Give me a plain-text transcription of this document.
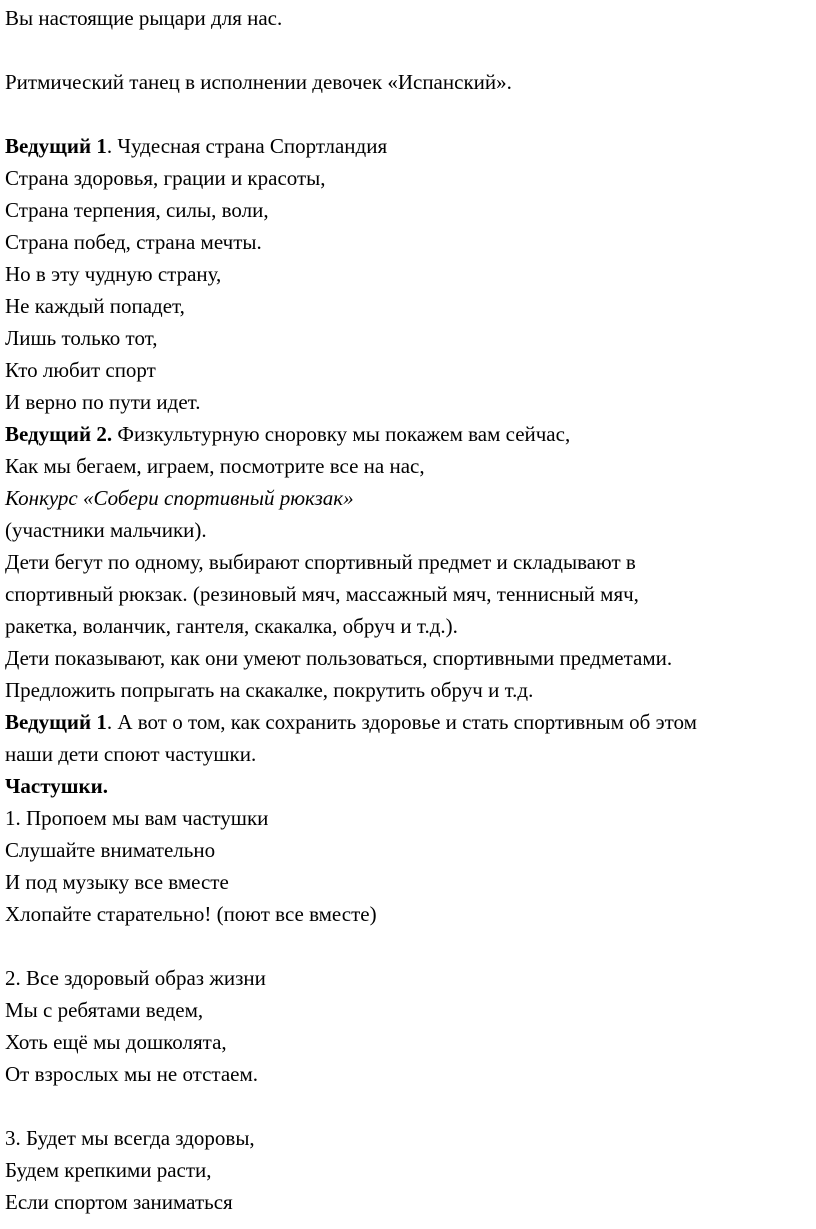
Вы настоящие рыцари для нас.

Ритмический танец в исполнении девочек «Испанский».

Ведущий 1. Чудесная страна Спортландия

Страна здоровья, грации и красоты,

Страна терпения, силы, воли,

Страна побед, страна мечты.

Но в эту чудную страну,

Не каждый попадет,

Лишь только тот,

Кто любит спорт

И верно по пути идет.

Ведущий 2. Физкультурную сноровку мы покажем вам сейчас,

Как мы бегаем, играем, посмотрите все на нас,

Конкурс «Собери спортивный рюкзак»

(участники мальчики).

Дети бегут по одному, выбирают спортивный предмет и складывают в

спортивный рюкзак. (резиновый мяч, массажный мяч, теннисный мяч,

ракетка, воланчик, гантеля, скакалка, обруч и т.д.).

Дети показывают, как они умеют пользоваться, спортивными предметами.

Предложить попрыгать на скакалке, покрутить обруч и т.д.

Ведущий 1. А вот о том, как сохранить здоровье и стать спортивным об этом

наши дети споют частушки.

Частушки.

1. Пропоем мы вам частушки

Слушайте внимательно

И под музыку все вместе

Хлопайте старательно! (поют все вместе)

2. Все здоровый образ жизни

Мы с ребятами ведем,

Хоть ещё мы дошколята,

От взрослых мы не отстаем.

3. Будет мы всегда здоровы,

Будем крепкими расти,

Если спортом заниматься
